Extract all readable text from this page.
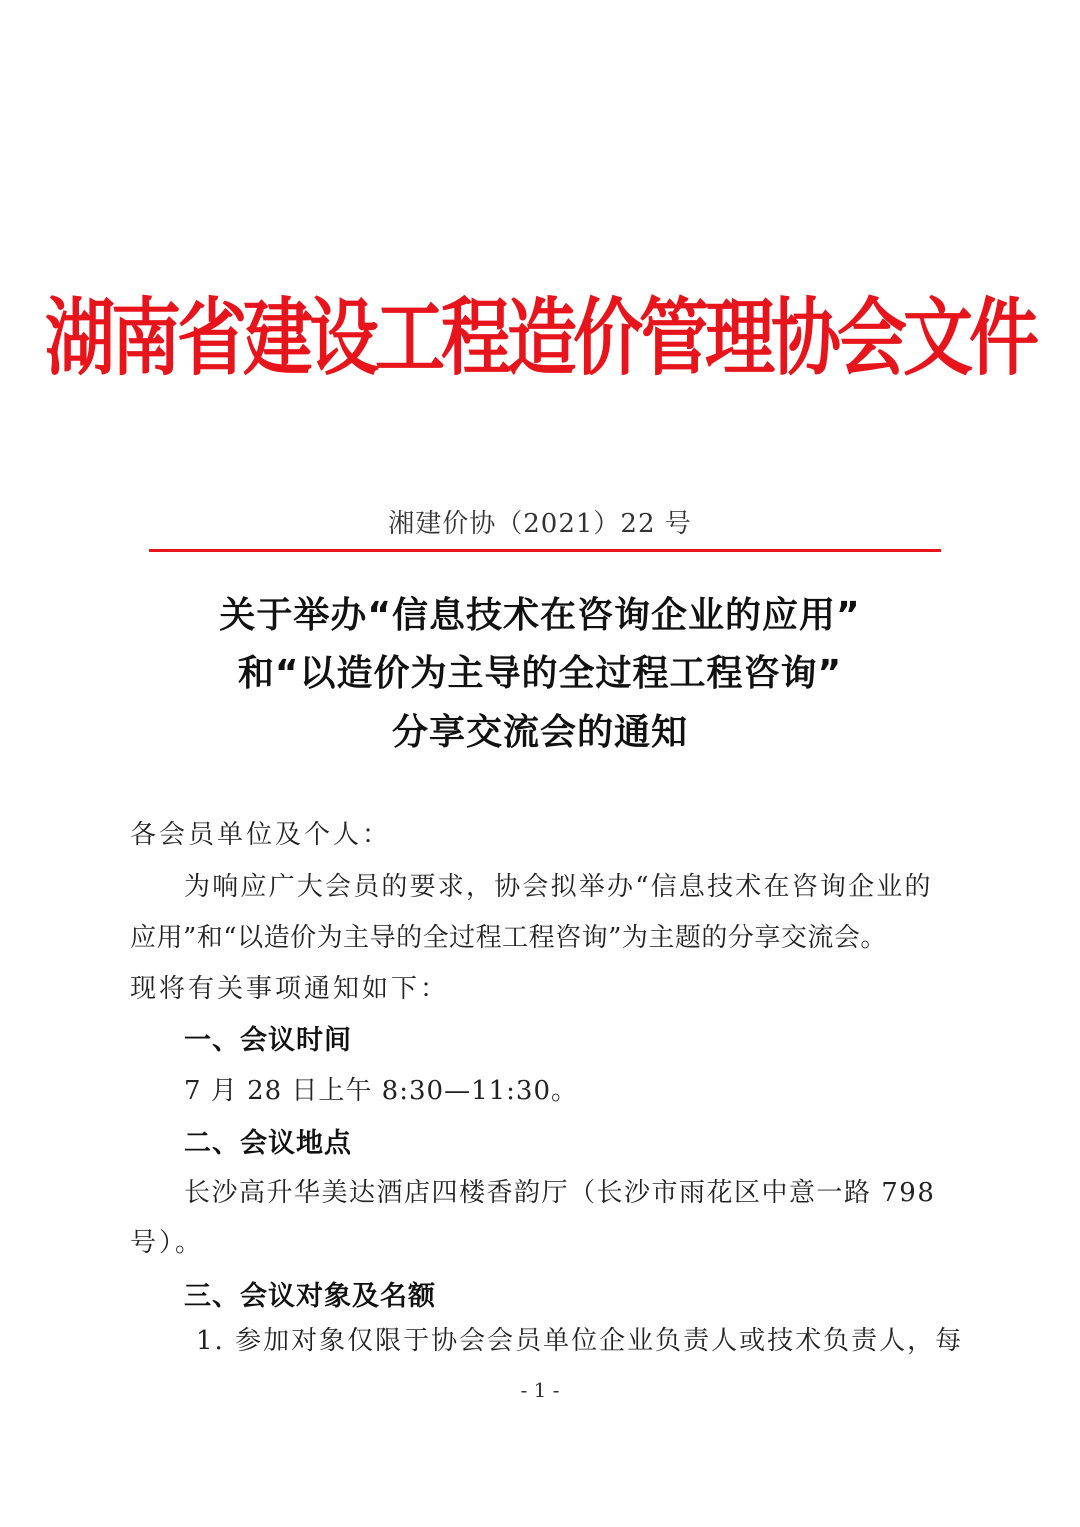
湖南省建设工程造价管理协会文件
湘建价协（2021）22 号
关于举办“信息技术在咨询企业的应用”
和“以造价为主导的全过程工程咨询”
分享交流会的通知
各会员单位及个人：
为响应广大会员的要求，协会拟举办“信息技术在咨询企业的
应用”和“以造价为主导的全过程工程咨询”为主题的分享交流会。
现将有关事项通知如下：
一、会议时间
7 月 28 日上午 8:30—11:30。
二、会议地点
长沙高升华美达酒店四楼香韵厅（长沙市雨花区中意一路 798
号）。
三、会议对象及名额
1. 参加对象仅限于协会会员单位企业负责人或技术负责人，每
- 1 -
